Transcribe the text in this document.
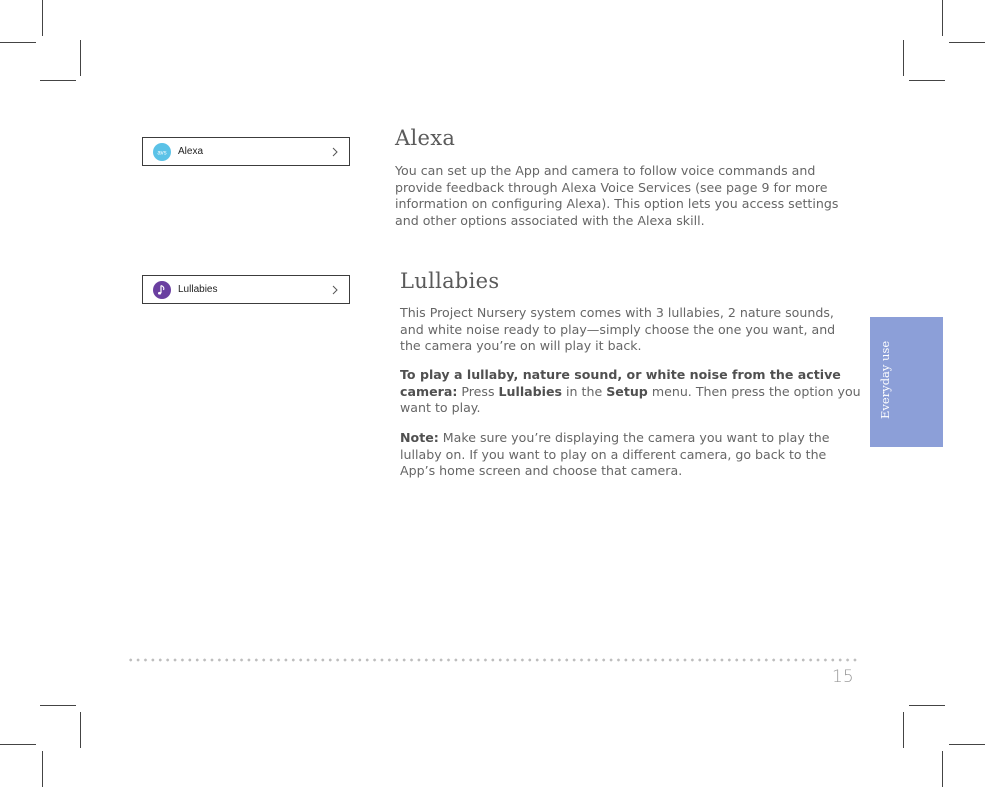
avs Alexa
Lullabies
Alexa

You can set up the App and camera to follow voice commands and provide feedback through Alexa Voice Services (see page 9 for more information on configuring Alexa). This option lets you access settings and other options associated with the Alexa skill.

Lullabies

This Project Nursery system comes with 3 lullabies, 2 nature sounds, and white noise ready to play—simply choose the one you want, and the camera you’re on will play it back.

To play a lullaby, nature sound, or white noise from the active camera: Press Lullabies in the Setup menu. Then press the option you want to play.

Note: Make sure you’re displaying the camera you want to play the lullaby on. If you want to play on a different camera, go back to the App’s home screen and choose that camera.

Everyday use
15
